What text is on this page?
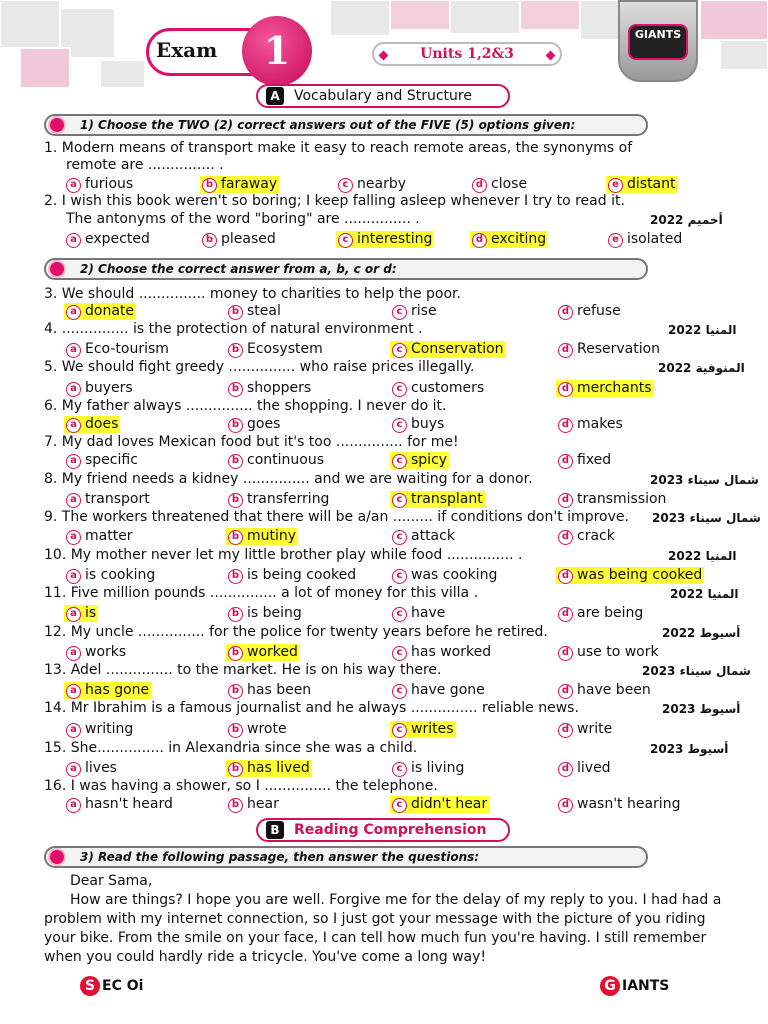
Exam	1	Units 1,2&3
GIANTS
A	Vocabulary and Structure
1) Choose the TWO (2) correct answers out of the FIVE (5) options given:
2) Choose the correct answer from a, b, c or d:
1. Modern means of transport make it easy to reach remote areas, the synonyms of
remote are ............... .
2. I wish this book weren't so boring; I keep falling asleep whenever I try to read it.
The antonyms of the word "boring" are ............... .
3. We should ............... money to charities to help the poor.
4. ............... is the protection of natural environment .
5. We should fight greedy ............... who raise prices illegally.
6. My father always ............... the shopping. I never do it.
7. My dad loves Mexican food but it's too ............... for me!
8. My friend needs a kidney ............... and we are waiting for a donor.
9. The workers threatened that there will be a/an ......... if conditions don't improve.
10. My mother never let my little brother play while food ............... .
11. Five million pounds ............... a lot of money for this villa .
12. My uncle ............... for the police for twenty years before he retired.
13. Adel ............... to the market. He is on his way there.
14. Mr Ibrahim is a famous journalist and he always ............... reliable news.
15. She............... in Alexandria since she was a child.
16. I was having a shower, so I ............... the telephone.
2022 أخميم
2022 المنيا
2022 المنوفية
2023 شمال سيناء
2023 شمال سيناء
2022 المنيا
2022 المنيا
2022 أسيوط
2023 شمال سيناء
2023 أسيوط
2023 أسيوط
a furious	b faraway	c nearby	d close	e distant
a expected	b pleased	c interesting	d exciting	e isolated
a donate	b steal	c rise	d refuse
a Eco-tourism	b Ecosystem	c Conservation	d Reservation
a buyers	b shoppers	c customers	d merchants
a does	b goes	c buys	d makes
a specific	b continuous	c spicy	d fixed
a transport	b transferring	c transplant	d transmission
a matter	b mutiny	c attack	d crack
a is cooking	b is being cooked	c was cooking	d was being cooked
a is	b is being	c have	d are being
a works	b worked	c has worked	d use to work
a has gone	b has been	c have gone	d have been
a writing	b wrote	c writes	d write
a lives	b has lived	c is living	d lived
a hasn't heard	b hear	c didn't hear	d wasn't hearing
B	Reading Comprehension
3) Read the following passage, then answer the questions:

Dear Sama,

How are things? I hope you are well. Forgive me for the delay of my reply to you. I had had a problem with my internet connection, so I just got your message with the picture of you riding your bike. From the smile on your face, I can tell how much fun you're having. I still remember when you could hardly ride a tricycle. You've come a long way!

S EC Oi	G IANTS
